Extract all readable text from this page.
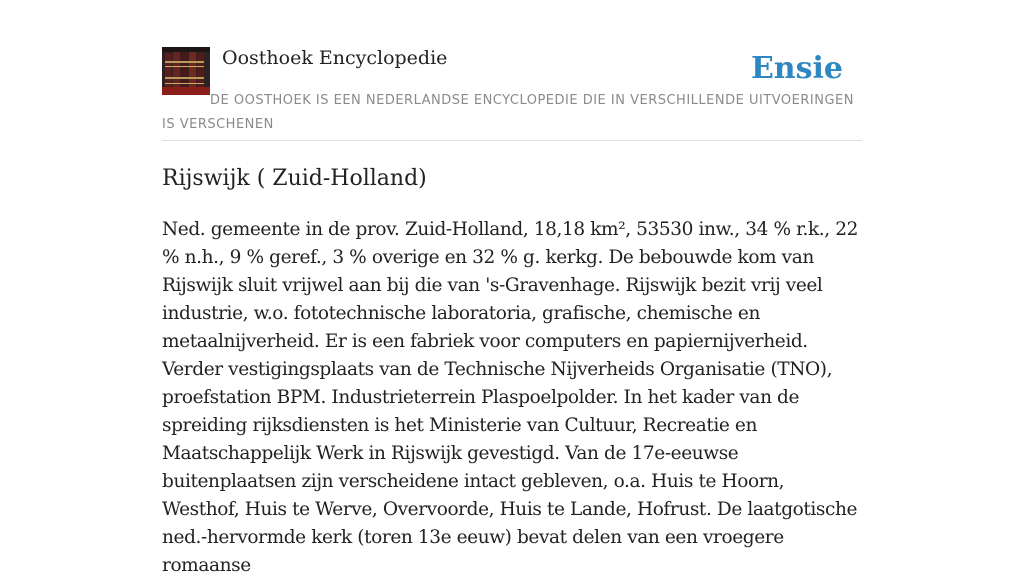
Oosthoek Encyclopedie	Ensie
DE OOSTHOEK IS EEN NEDERLANDSE ENCYCLOPEDIE DIE IN VERSCHILLENDE UITVOERINGEN IS VERSCHENEN
Rijswijk ( Zuid-Holland)

Ned. gemeente in de prov. Zuid-Holland, 18,18 km², 53530 inw., 34 % r.k., 22 % n.h., 9 % geref., 3 % overige en 32 % g. kerkg. De bebouwde kom van Rijswijk sluit vrijwel aan bij die van 's-Gravenhage. Rijswijk bezit vrij veel industrie, w.o. fototechnische laboratoria, grafische, chemische en metaalnijverheid. Er is een fabriek voor computers en papiernijverheid. Verder vestigingsplaats van de Technische Nijverheids Organisatie (TNO), proefstation BPM. Industrieterrein Plaspoelpolder. In het kader van de spreiding rijksdiensten is het Ministerie van Cultuur, Recreatie en Maatschappelijk Werk in Rijswijk gevestigd. Van de 17e-eeuwse buitenplaatsen zijn verscheidene intact gebleven, o.a. Huis te Hoorn, Westhof, Huis te Werve, Overvoorde, Huis te Lande, Hofrust. De laatgotische ned.-hervormde kerk (toren 13e eeuw) bevat delen van een vroegere romaanse
